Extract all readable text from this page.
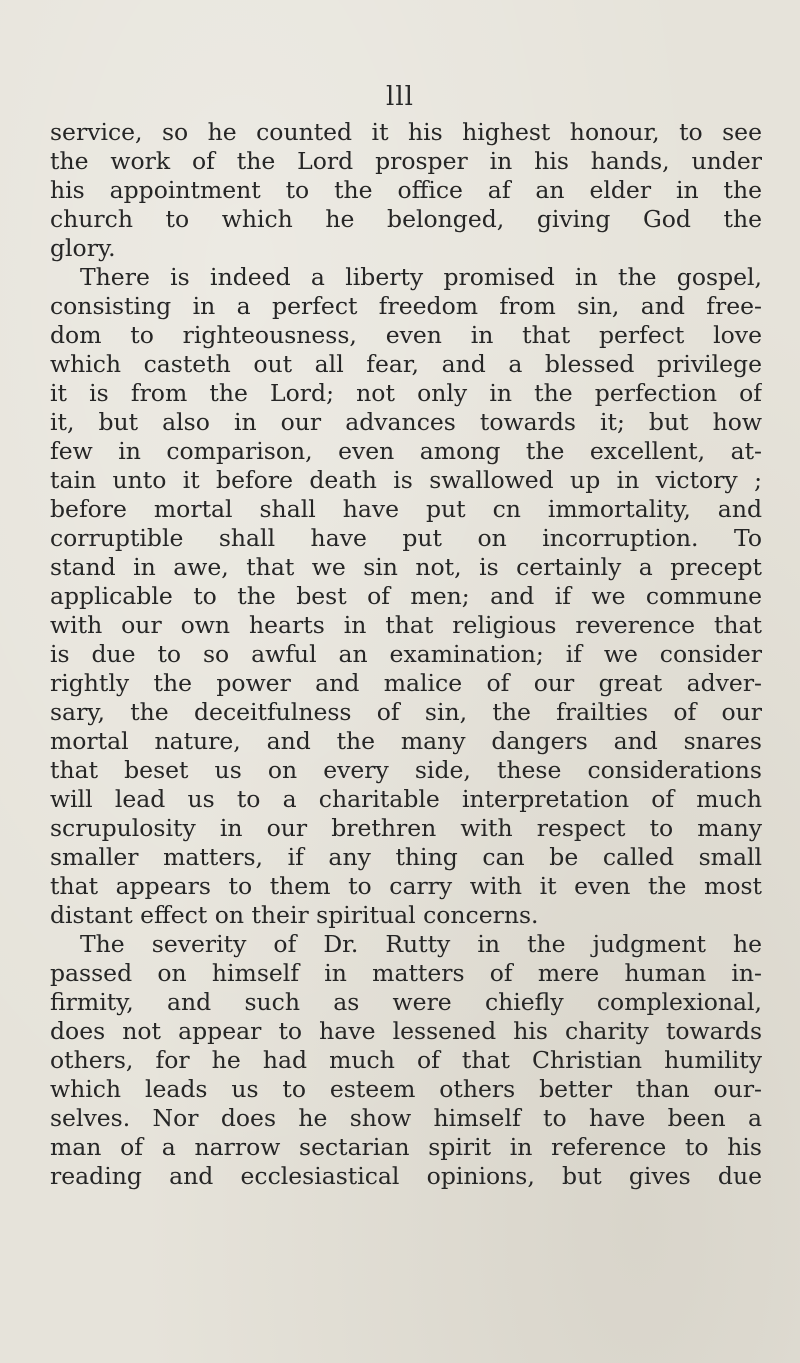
lll
service, so he counted it his highest honour, to see
the work of the Lord prosper in his hands, under
his appointment to the office af an elder in the
church to which he belonged, giving God the
glory.
There is indeed a liberty promised in the gospel,
consisting in a perfect freedom from sin, and free-
dom to righteousness, even in that perfect love
which casteth out all fear, and a blessed privilege
it is from the Lord; not only in the perfection of
it, but also in our advances towards it; but how
few in comparison, even among the excellent, at-
tain unto it before death is swallowed up in victory ;
before mortal shall have put cn immortality, and
corruptible shall have put on incorruption. To
stand in awe, that we sin not, is certainly a precept
applicable to the best of men; and if we commune
with our own hearts in that religious reverence that
is due to so awful an examination; if we consider
rightly the power and malice of our great adver-
sary, the deceitfulness of sin, the frailties of our
mortal nature, and the many dangers and snares
that beset us on every side, these considerations
will lead us to a charitable interpretation of much
scrupulosity in our brethren with respect to many
smaller matters, if any thing can be called small
that appears to them to carry with it even the most
distant effect on their spiritual concerns.
The severity of Dr. Rutty in the judgment he
passed on himself in matters of mere human in-
firmity, and such as were chiefly complexional,
does not appear to have lessened his charity towards
others, for he had much of that Christian humility
which leads us to esteem others better than our-
selves. Nor does he show himself to have been a
man of a narrow sectarian spirit in reference to his
reading and ecclesiastical opinions, but gives due
